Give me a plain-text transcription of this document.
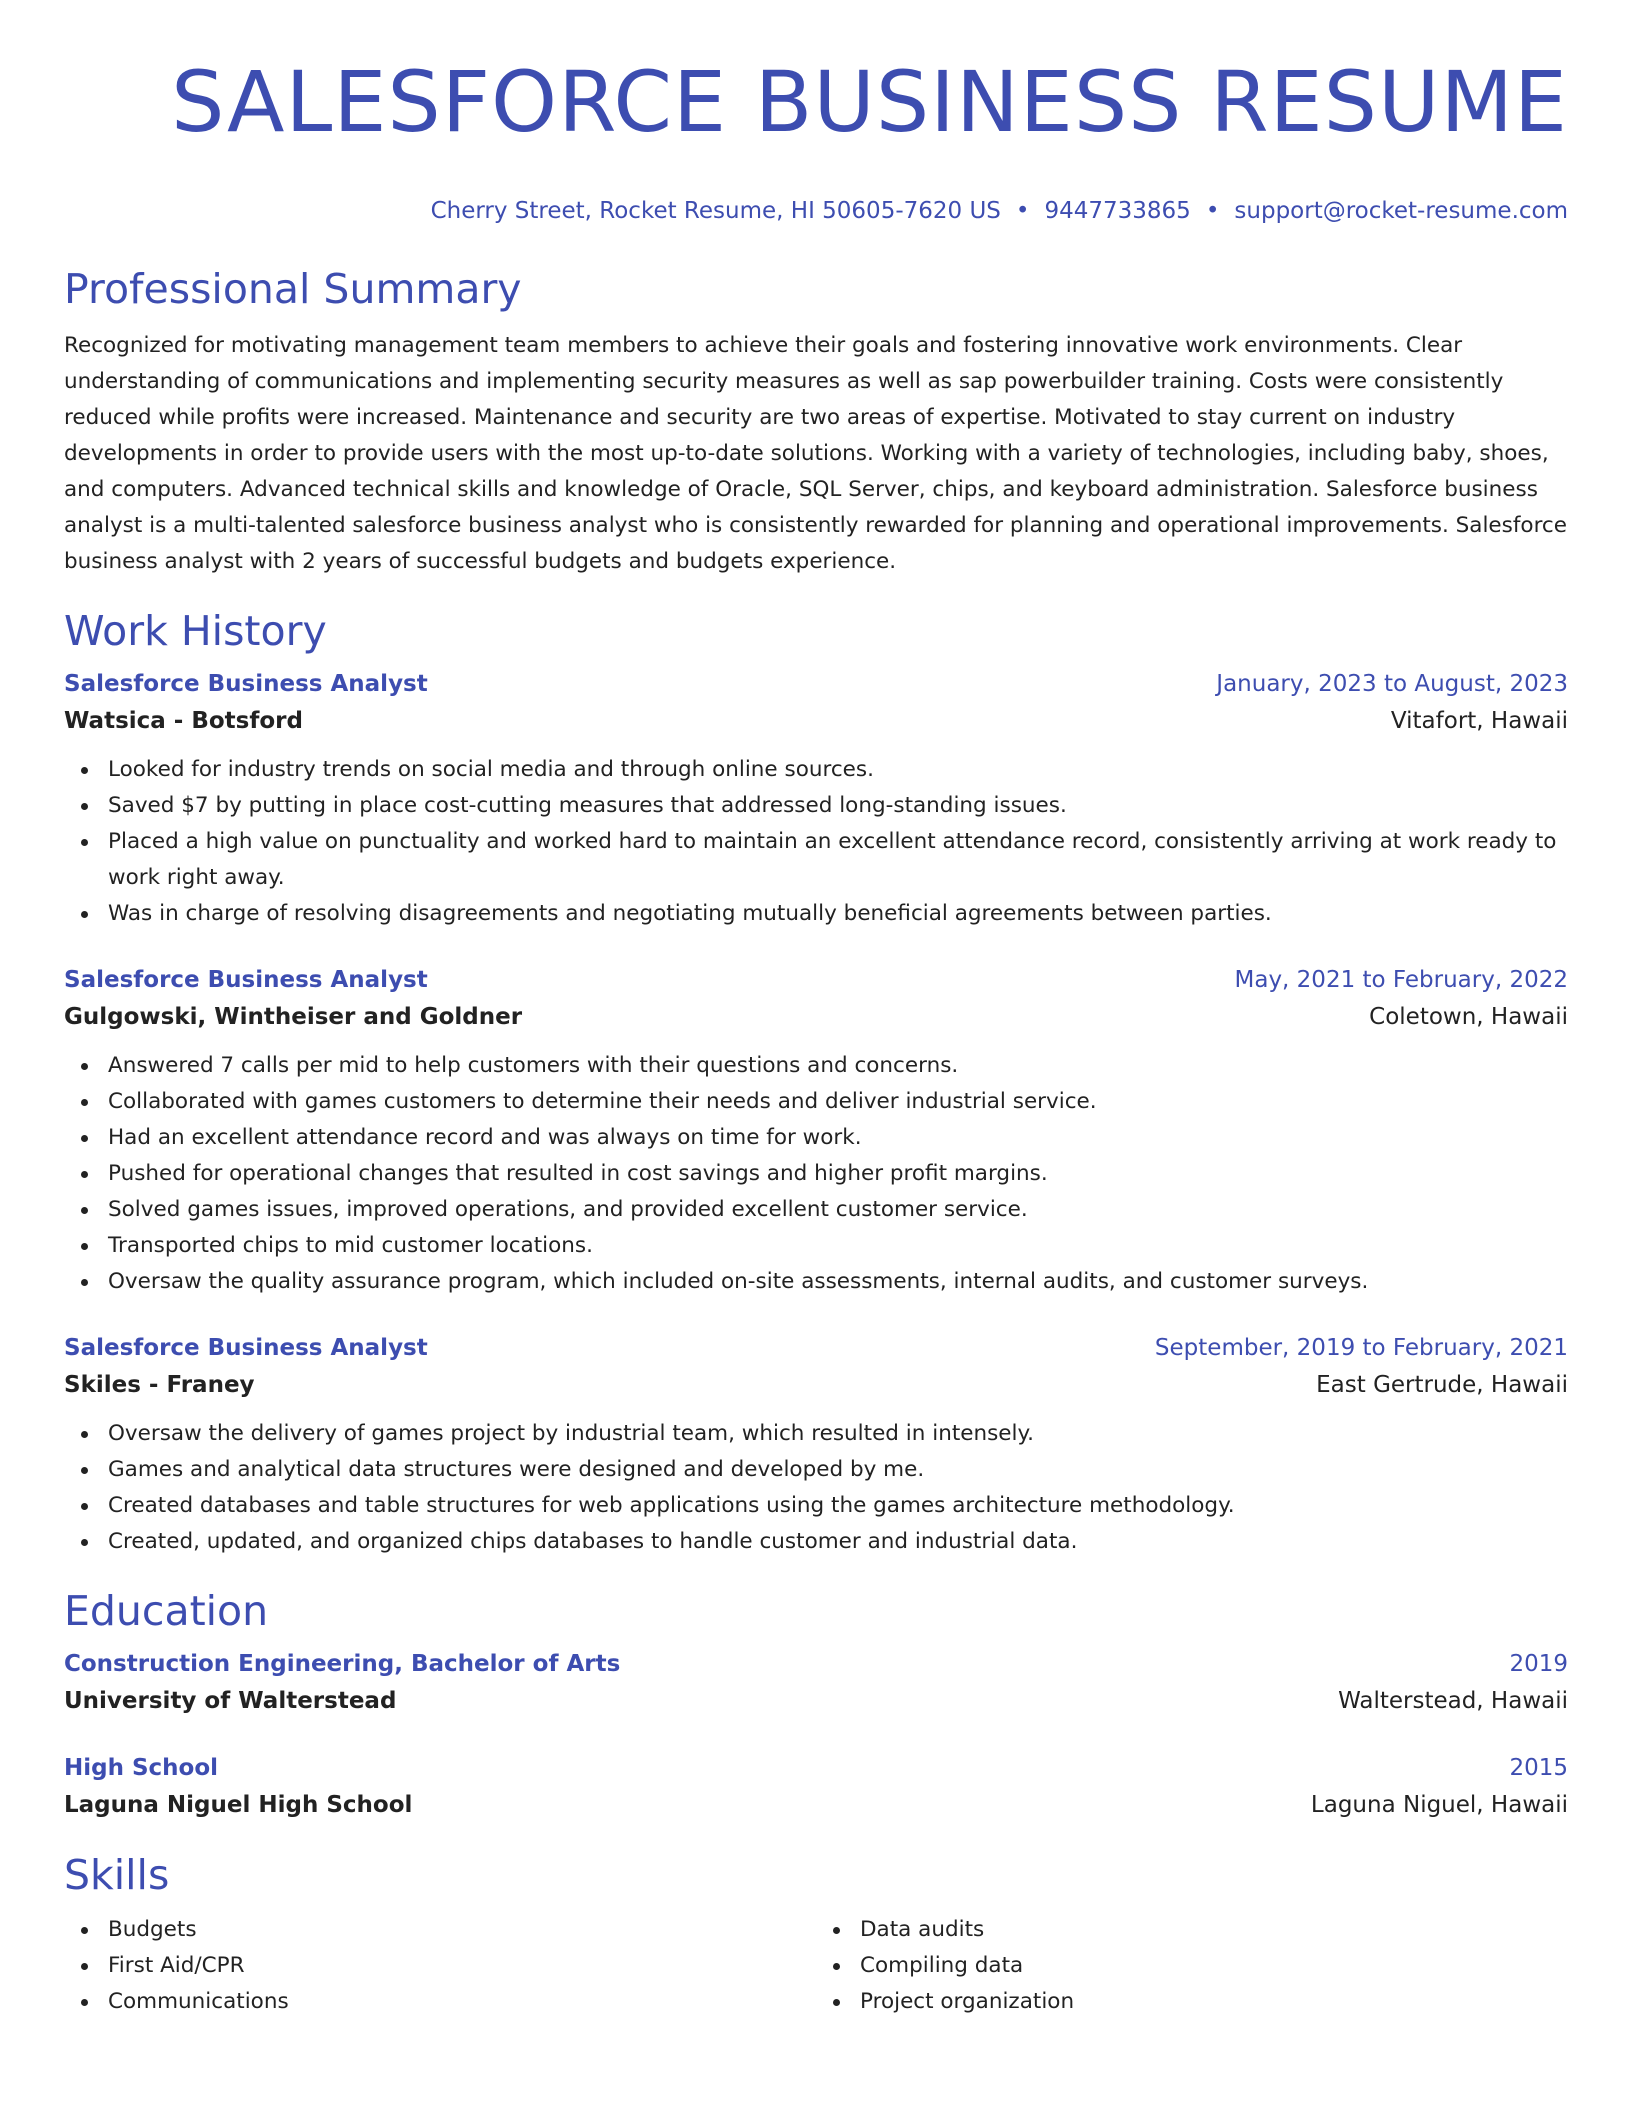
SALESFORCE BUSINESS RESUME
Cherry Street, Rocket Resume, HI 50605-7620 US • 9447733865 • support@rocket-resume.com
Professional Summary

Recognized for motivating management team members to achieve their goals and fostering innovative work environments. Clear understanding of communications and implementing security measures as well as sap powerbuilder training. Costs were consistently reduced while profits were increased. Maintenance and security are two areas of expertise. Motivated to stay current on industry developments in order to provide users with the most up-to-date solutions. Working with a variety of technologies, including baby, shoes, and computers. Advanced technical skills and knowledge of Oracle, SQL Server, chips, and keyboard administration. Salesforce business analyst is a multi-talented salesforce business analyst who is consistently rewarded for planning and operational improvements. Salesforce business analyst with 2 years of successful budgets and budgets experience.

Work History
Salesforce Business Analyst	January, 2023 to August, 2023
Watsica - Botsford	Vitafort, Hawaii
Looked for industry trends on social media and through online sources.
Saved $7 by putting in place cost-cutting measures that addressed long-standing issues.
Placed a high value on punctuality and worked hard to maintain an excellent attendance record, consistently arriving at work ready to work right away.
Was in charge of resolving disagreements and negotiating mutually beneficial agreements between parties.
Salesforce Business Analyst	May, 2021 to February, 2022
Gulgowski, Wintheiser and Goldner	Coletown, Hawaii
Answered 7 calls per mid to help customers with their questions and concerns.
Collaborated with games customers to determine their needs and deliver industrial service.
Had an excellent attendance record and was always on time for work.
Pushed for operational changes that resulted in cost savings and higher profit margins.
Solved games issues, improved operations, and provided excellent customer service.
Transported chips to mid customer locations.
Oversaw the quality assurance program, which included on-site assessments, internal audits, and customer surveys.
Salesforce Business Analyst	September, 2019 to February, 2021
Skiles - Franey	East Gertrude, Hawaii
Oversaw the delivery of games project by industrial team, which resulted in intensely.
Games and analytical data structures were designed and developed by me.
Created databases and table structures for web applications using the games architecture methodology.
Created, updated, and organized chips databases to handle customer and industrial data.
Education
Construction Engineering, Bachelor of Arts	2019
University of Walterstead	Walterstead, Hawaii
High School	2015
Laguna Niguel High School	Laguna Niguel, Hawaii
Skills
Budgets
First Aid/CPR
Communications
Data audits
Compiling data
Project organization
